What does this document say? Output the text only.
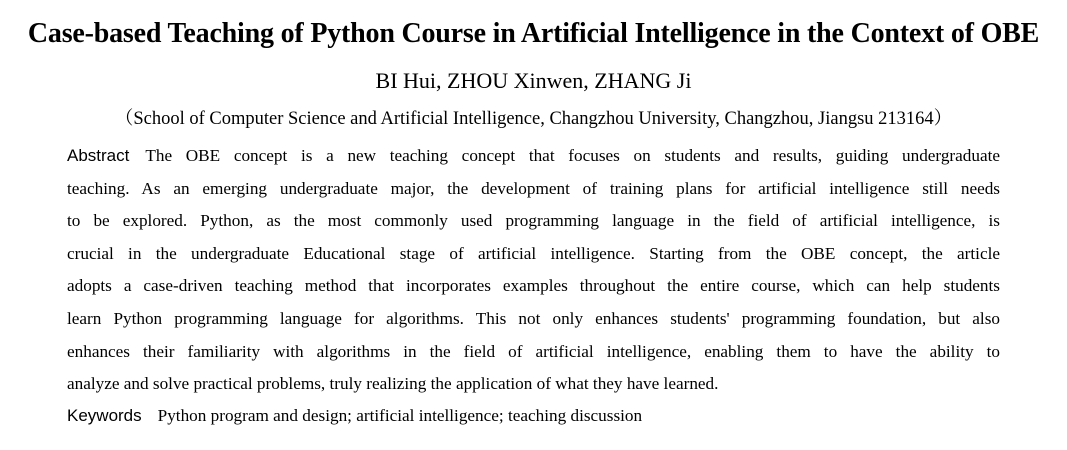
Case-based Teaching of Python Course in Artificial Intelligence in the Context of OBE
BI Hui, ZHOU Xinwen, ZHANG Ji
（School of Computer Science and Artificial Intelligence, Changzhou University, Changzhou, Jiangsu 213164）
Abstract The OBE concept is a new teaching concept that focuses on students and results, guiding undergraduate
teaching. As an emerging undergraduate major, the development of training plans for artificial intelligence still needs
to be explored. Python, as the most commonly used programming language in the field of artificial intelligence, is
crucial in the undergraduate Educational stage of artificial intelligence. Starting from the OBE concept, the article
adopts a case-driven teaching method that incorporates examples throughout the entire course, which can help students
learn Python programming language for algorithms. This not only enhances students' programming foundation, but also
enhances their familiarity with algorithms in the field of artificial intelligence, enabling them to have the ability to
analyze and solve practical problems, truly realizing the application of what they have learned.
Keywords Python program and design; artificial intelligence; teaching discussion
